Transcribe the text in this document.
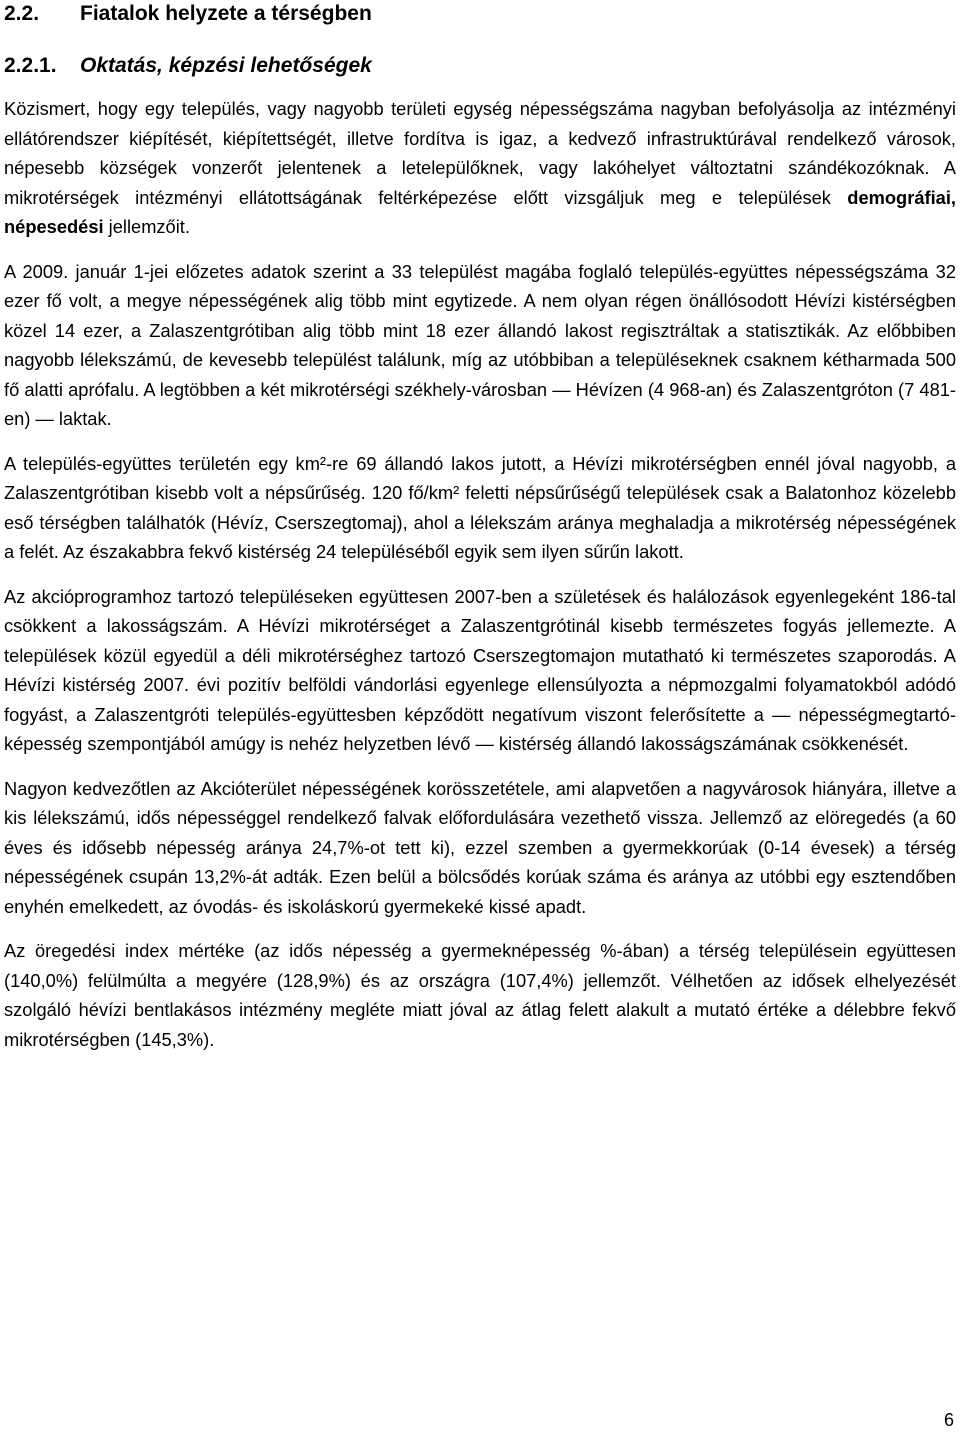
2.2. Fiatalok helyzete a térségben
2.2.1. Oktatás, képzési lehetőségek

Közismert, hogy egy település, vagy nagyobb területi egység népességszáma nagyban befolyásolja az intézményi ellátórendszer kiépítését, kiépítettségét, illetve fordítva is igaz, a kedvező infrastruktúrával rendelkező városok, népesebb községek vonzerőt jelentenek a letelepülőknek, vagy lakóhelyet változtatni szándékozóknak. A mikrotérségek intézményi ellátottságának feltérképezése előtt vizsgáljuk meg e települések demográfiai, népesedési jellemzőit.

A 2009. január 1-jei előzetes adatok szerint a 33 települést magába foglaló település-együttes népességszáma 32 ezer fő volt, a megye népességének alig több mint egytizede. A nem olyan régen önállósodott Hévízi kistérségben közel 14 ezer, a Zalaszentgrótiban alig több mint 18 ezer állandó lakost regisztráltak a statisztikák. Az előbbiben nagyobb lélekszámú, de kevesebb települést találunk, míg az utóbbiban a településeknek csaknem kétharmada 500 fő alatti aprófalu. A legtöbben a két mikrotérségi székhely-városban — Hévízen (4 968-an) és Zalaszentgróton (7 481-en) — laktak.

A település-együttes területén egy km²-re 69 állandó lakos jutott, a Hévízi mikrotérségben ennél jóval nagyobb, a Zalaszentgrótiban kisebb volt a népsűrűség. 120 fő/km² feletti népsűrűségű települések csak a Balatonhoz közelebb eső térségben találhatók (Hévíz, Cserszegtomaj), ahol a lélekszám aránya meghaladja a mikrotérség népességének a felét. Az északabbra fekvő kistérség 24 településéből egyik sem ilyen sűrűn lakott.

Az akcióprogramhoz tartozó településeken együttesen 2007-ben a születések és halálozások egyenlegeként 186-tal csökkent a lakosságszám. A Hévízi mikrotérséget a Zalaszentgrótinál kisebb természetes fogyás jellemezte. A települések közül egyedül a déli mikrotérséghez tartozó Cserszegtomajon mutatható ki természetes szaporodás. A Hévízi kistérség 2007. évi pozitív belföldi vándorlási egyenlege ellensúlyozta a népmozgalmi folyamatokból adódó fogyást, a Zalaszentgróti település-együttesben képződött negatívum viszont felerősítette a — népességmegtartó-képesség szempontjából amúgy is nehéz helyzetben lévő — kistérség állandó lakosságszámának csökkenését.

Nagyon kedvezőtlen az Akcióterület népességének korösszetétele, ami alapvetően a nagyvárosok hiányára, illetve a kis lélekszámú, idős népességgel rendelkező falvak előfordulására vezethető vissza. Jellemző az elöregedés (a 60 éves és idősebb népesség aránya 24,7%-ot tett ki), ezzel szemben a gyermekkorúak (0-14 évesek) a térség népességének csupán 13,2%-át adták. Ezen belül a bölcsődés korúak száma és aránya az utóbbi egy esztendőben enyhén emelkedett, az óvodás- és iskoláskorú gyermekeké kissé apadt.

Az öregedési index mértéke (az idős népesség a gyermeknépesség %-ában) a térség településein együttesen (140,0%) felülmúlta a megyére (128,9%) és az országra (107,4%) jellemzőt. Vélhetően az idősek elhelyezését szolgáló hévízi bentlakásos intézmény megléte miatt jóval az átlag felett alakult a mutató értéke a délebbre fekvő mikrotérségben (145,3%).

6
